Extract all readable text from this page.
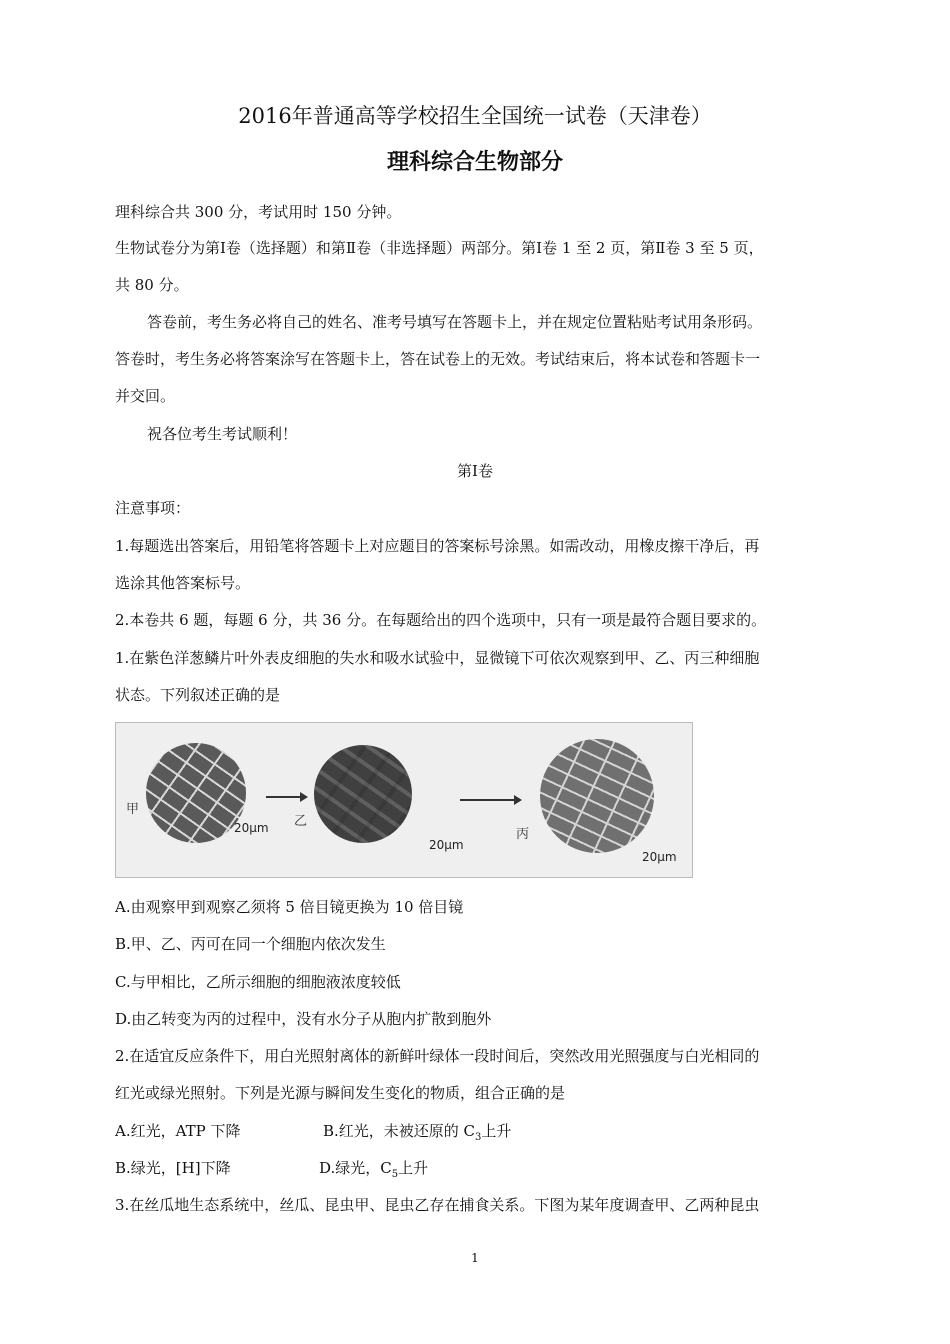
2016年普通高等学校招生全国统一试卷（天津卷）
理科综合生物部分
理科综合共 300 分，考试用时 150 分钟。
生物试卷分为第Ⅰ卷（选择题）和第Ⅱ卷（非选择题）两部分。第Ⅰ卷 1 至 2 页，第Ⅱ卷 3 至 5 页，
共 80 分。
答卷前，考生务必将自己的姓名、准考号填写在答题卡上，并在规定位置粘贴考试用条形码。
答卷时，考生务必将答案涂写在答题卡上，答在试卷上的无效。考试结束后，将本试卷和答题卡一
并交回。
祝各位考生考试顺利！
第Ⅰ卷
注意事项：
1.每题选出答案后，用铅笔将答题卡上对应题目的答案标号涂黑。如需改动，用橡皮擦干净后，再
选涂其他答案标号。
2.本卷共 6 题，每题 6 分，共 36 分。在每题给出的四个选项中，只有一项是最符合题目要求的。
1.在紫色洋葱鳞片叶外表皮细胞的失水和吸水试验中，显微镜下可依次观察到甲、乙、丙三种细胞
状态。下列叙述正确的是
甲
20μm 乙
20μm
丙
20μm
A.由观察甲到观察乙须将 5 倍目镜更换为 10 倍目镜
B.甲、乙、丙可在同一个细胞内依次发生
C.与甲相比，乙所示细胞的细胞液浓度较低
D.由乙转变为丙的过程中，没有水分子从胞内扩散到胞外
2.在适宜反应条件下，用白光照射离体的新鲜叶绿体一段时间后，突然改用光照强度与白光相同的
红光或绿光照射。下列是光源与瞬间发生变化的物质，组合正确的是
A.红光，ATP 下降	B.红光，未被还原的 $C_3$上升
B.绿光，[H]下降	D.绿光，$C_5$上升
3.在丝瓜地生态系统中，丝瓜、昆虫甲、昆虫乙存在捕食关系。下图为某年度调查甲、乙两种昆虫
1
